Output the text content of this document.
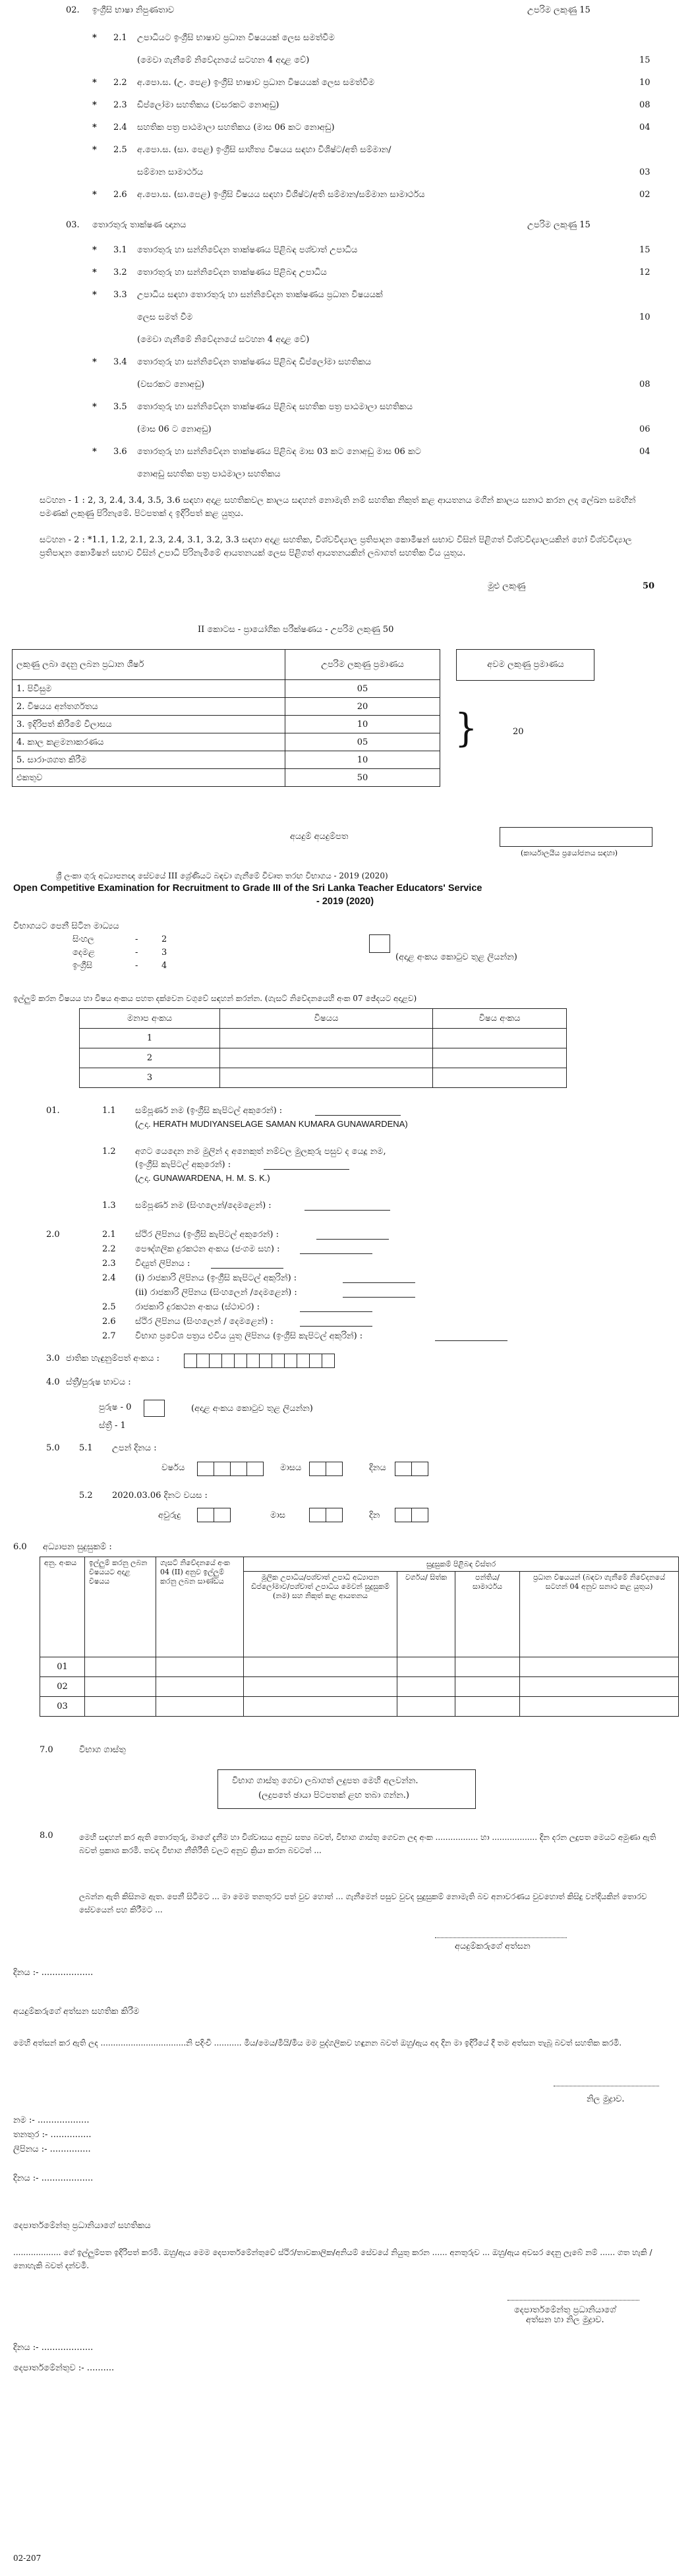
02. ඉංග්‍රීසි භාෂා නිපුණතාව	උපරිම ලකුණු 15
* 2.1 උපාධියට ඉංග්‍රීසි භාෂාව ප්‍රධාන විෂයයක් ලෙස සමත්වීම
(මෙවා ගැනීමේ නිවේදනයේ සටහන 4 අදාළ වේ)	15
* 2.2 අ.පො.ස. (උ. පෙළ) ඉංග්‍රීසි භාෂාව ප්‍රධාන විෂයයක් ලෙස සමත්වීම	10
* 2.3 ඩිප්ලෝමා සහතිකය (වසරකට නොඅඩු)	08
* 2.4 සහතික පත්‍ර පාඨමාලා සහතිකය (මාස 06 කට නොඅඩු)	04
* 2.5 අ.පො.ස. (සා. පෙළ) ඉංග්‍රීසි සාහිත්‍ය විෂයය සඳහා විශිෂ්ට/අති සම්මාන/
සම්මාන සාමාර්ථය	03
* 2.6 අ.පො.ස. (සා.පෙළ) ඉංග්‍රීසි විෂයය සඳහා විශිෂ්ට/අති සම්මාන/සම්මාන සාමාර්ථය	02
03. තොරතුරු තාක්ෂණ ඥානය	උපරිම ලකුණු 15
* 3.1 තොරතුරු හා සන්නිවේදන තාක්ෂණය පිළිබඳ පශ්චාත් උපාධිය	15
* 3.2 තොරතුරු හා සන්නිවේදන තාක්ෂණය පිළිබඳ උපාධිය	12
* 3.3 උපාධිය සඳහා තොරතුරු හා සන්නිවේදන තාක්ෂණය ප්‍රධාන විෂයයක්
ලෙස සමත් වීම	10
(මෙවා ගැනීමේ නිවේදනයේ සටහන 4 අදාළ වේ)
* 3.4 තොරතුරු හා සන්නිවේදන තාක්ෂණය පිළිබඳ ඩිප්ලෝමා සහතිකය
(වසරකට නොඅඩු)	08
* 3.5 තොරතුරු හා සන්නිවේදන තාක්ෂණය පිළිබඳ සහතික පත්‍ර පාඨමාලා සහතිකය
(මාස 06 ට නොඅඩු)	06
* 3.6 තොරතුරු හා සන්නිවේදන තාක්ෂණය පිළිබඳ මාස 03 කට නොඅඩු මාස 06 කට	04
නොඅඩු සහතික පත්‍ර පාඨමාලා සහතිකය
සටහන - 1 : 2, 3, 2.4, 3.4, 3.5, 3.6 සඳහා අදාළ සහතිකවල කාලය සඳහන් නොමැති නම් සහතික නිකුත් කළ ආයතනය මගින් කාලය සනාථ කරන ලද ලේඛන සමඟින් පමණක් ලකුණු පිරිනැමේ. පිටපතක් ද ඉදිරිපත් කළ යුතුය.
සටහන - 2 : *1.1, 1.2, 2.1, 2.3, 2.4, 3.1, 3.2, 3.3 සඳහා අදාළ සහතික, විශ්වවිද්‍යාල ප්‍රතිපාදන කොමිෂන් සභාව විසින් පිළිගත් විශ්වවිද්‍යාලයකින් හෝ විශ්වවිද්‍යාල ප්‍රතිපාදන කොමිෂන් සභාව විසින් උපාධි පිරිනැමීමේ ආයතනයක් ලෙස පිළිගත් ආයතනයකින් ලබාගත් සහතික විය යුතුය.
මුළු ලකුණු	50
II කොටස - ප්‍රායෝගික පරීක්ෂණය - උපරිම ලකුණු 50
ලකුණු ලබා දෙනු ලබන ප්‍රධාන ශීර්ෂ	උපරිම ලකුණු ප්‍රමාණය
1. පිවිසුම	05
2. විෂයය අන්තර්ගතය	20
3. ඉදිරිපත් කිරීමේ විලාසය	10
4. කාල කළමනාකරණය	05
5. සාරාංශගත කිරීම	10
එකතුව	50
අවම ලකුණු ප්‍රමාණය
}	20
අයදුම් අයදුම්පත
(කාර්යාලයීය ප්‍රයෝජනය සඳහා)
ශ්‍රී ලංකා ගුරු අධ්‍යාපනඥ සේවයේ III ශ්‍රේණියට බඳවා ගැනීමේ විවෘත තරඟ විභාගය - 2019 (2020)
Open Competitive Examination for Recruitment to Grade III of the Sri Lanka Teacher Educators' Service
- 2019 (2020)
විභාගයට පෙනී සිටින මාධ්‍යය
සිංහල	-	2
දෙමළ	-	3
ඉංග්‍රීසි	-	4
(අදාළ අංකය කොටුව තුළ ලියන්න)
ඉල්ලුම් කරන විෂයය හා විෂය අංකය පහත දක්වෙන වගුවේ සඳහන් කරන්න. (ගැසට් නිවේදනයෙහි අංක 07 ඡේදයට අදාළව)
මනාප අංකය	විෂයය	විෂය අංකය
1		
2		
3		
01.	1.1 සම්පූර්ණ නම (ඉංග්‍රීසි කැපිටල් අකුරෙන්) :
(උදා. HERATH MUDIYANSELAGE SAMAN KUMARA GUNAWARDENA)
1.2 අගට යෙදෙන නම මුලින් ද අනෙකුත් නම්වල මුලකුරු පසුව ද යෙදූ නම,
(ඉංග්‍රීසි කැපිටල් අකුරෙන්) :
(උදා. GUNAWARDENA, H. M. S. K.)
1.3 සම්පූර්ණ නම (සිංහලෙන්/දෙමළෙන්) :
2.0	2.1 ස්ථිර ලිපිනය (ඉංග්‍රීසි කැපිටල් අකුරෙන්) :
2.2 පෞද්ගලික දුරකථන අංකය (ජංගම සහ) :
2.3 විද්‍යුත් ලිපිනය :
2.4 (i) රාජකාරි ලිපිනය (ඉංග්‍රීසි කැපිටල් අකුරින්) :
(ii) රාජකාරි ලිපිනය (සිංහලෙන් /දෙමළෙන්) :
2.5 රාජකාරි දුරකථන අංකය (ස්ථාවර) :
2.6 ස්ථිර ලිපිනය (සිංහලෙන් / දෙමළෙන්) :
2.7 විභාග ප්‍රවේශ පත්‍රය එවිය යුතු ලිපිනය (ඉංග්‍රීසි කැපිටල් අකුරින්) :
3.0 ජාතික හැඳුනුම්පත් අංකය :
4.0 ස්ත්‍රී/පුරුෂ භාවය :
පුරුෂ - 0	(අදාළ අංකය කොටුව තුළ ලියන්න)
ස්ත්‍රී - 1
5.0 5.1 උපන් දිනය :
වර්ෂය	මාසය	දිනය
5.2 2020.03.06 දිනට වයස :
අවුරුදු	මාස	දින
6.0 අධ්‍යාපන සුදුසුකම් :
අනු. අංකය	ඉල්ලුම් කරනු ලබන විෂයයට අදාළ විෂයය	ගැසට් නිවේදනයේ අංක 04 (II) අනුව ඉල්ලුම් කරනු ලබන සාණ්ඩය	සුදුසුකම් පිළිබඳ විස්තර			
			මූලික උපාධිය/පශ්චාත් උපාධි අධ්‍යාපන ඩිප්ලෝමාව/පශ්චාත් උපාධිය මෙවන් සුදුසුකම් (නම) සහ නිකුත් කළ ආයතනය	වර්ගය/ සිත්ක	පන්තිය/ සාමාර්ථය	ප්‍රධාන විෂයයන් (බඳවා ගැනීමේ නිවේදනයේ සටහන් 04 අනුව සනාථ කළ යුතුය)
01						
02						
03						
7.0	විභාග ගාස්තු
විභාග ගාස්තු ගෙවා ලබාගත් ලදුපත මෙහි අලවන්න.
(ලදුපතේ ඡායා පිටපතක් ළඟ තබා ගන්න.)
8.0	මෙහි සඳහන් කර ඇති තොරතුරු, මාගේ දැනීම හා විශ්වාසය අනුව සත්‍ය බවත්, විභාග ගාස්තු ගෙවන ලද අංක ................. හා .................. දින දරන ලදුපත මෙයට අමුණා ඇති බවත් ප්‍රකාශ කරමි. තවද විභාග නීතිරීති වලට අනුව ක්‍රියා කරන බවටත් ...
ලබන්න ඇති කිසිනම ඇත. පෙනී සිටීමට ... මා මෙම තනතුරට පත් වුව හොත් ... ගැනීමෙන් පසුව වුවද සුදුසුකම් නොමැති බව අනාවරණය වුවහොත් කිසිදු වන්දියකින් තොරව සේවයෙන් පහ කිරීමට ...
අයදුම්කරුගේ අත්සන
දිනය :- ...................
අයදුම්කරුගේ අත්සන සහතික කිරීම
මෙහි අත්සන් කර ඇති ලද ..................................නි පදිංචි ........... මිය/මෙය/මියි/මිය මම පුද්ගලිකව හඳුනන බවත් ඔහු/ඇය අද දින මා ඉදිරියේ දී තම අත්සන තැබූ බවත් සහතික කරමි.
නිල මුද්‍රාව.
නම :- ...................
තනතුර :- ...............
ලිපිනය :- ...............
දිනය :- ...................
දෙපාර්තමේන්තු ප්‍රධානියාගේ සහතිකය
................... ගේ ඉල්ලුම්පත ඉදිරිපත් කරමි. ඔහු/ඇය මෙම දෙපාර්තමේන්තුවේ ස්ථිර/තාවකාලික/අනියම් සේවයේ නියුතු කරන ...... අනතුරුව ... ඔහු/ඇය අවසර දෙනු ලැබේ නම් ...... ගත හැකි / නොහැකි බවත් දන්වමි.
දෙපාර්තමේන්තු ප්‍රධානියාගේ
අත්සන හා නිල මුද්‍රාව.
දිනය :- ...................
දෙපාර්තමේන්තුව :- ..........
02-207
